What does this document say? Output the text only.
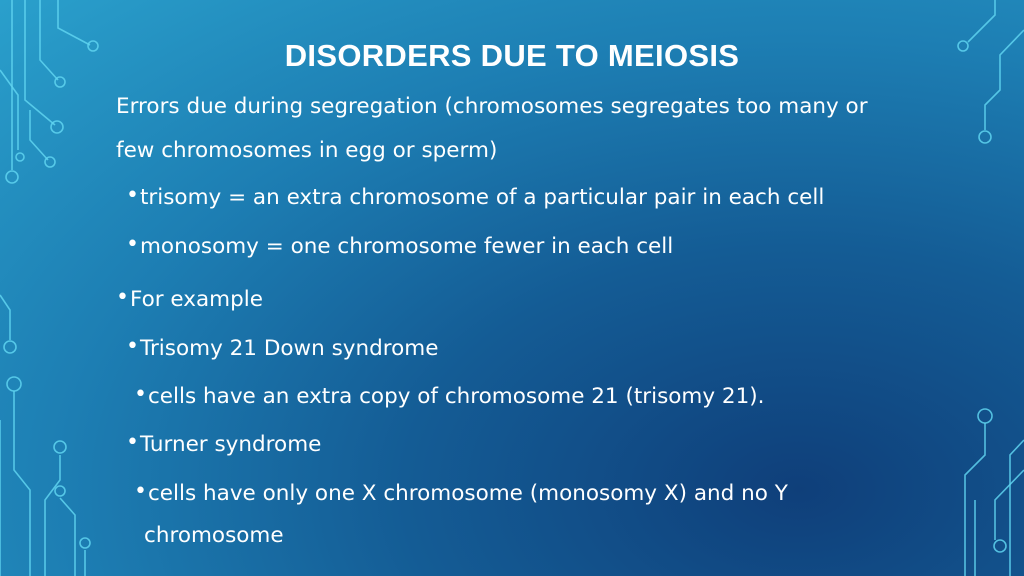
DISORDERS DUE TO MEIOSIS
Errors due during segregation (chromosomes segregates too many or
few chromosomes in egg or sperm)
•trisomy = an extra chromosome of a particular pair in each cell
•monosomy = one chromosome fewer in each cell
•For example
•Trisomy 21 Down syndrome
•cells have an extra copy of chromosome 21 (trisomy 21).
•Turner syndrome
•cells have only one X chromosome (monosomy X) and no Y
chromosome
